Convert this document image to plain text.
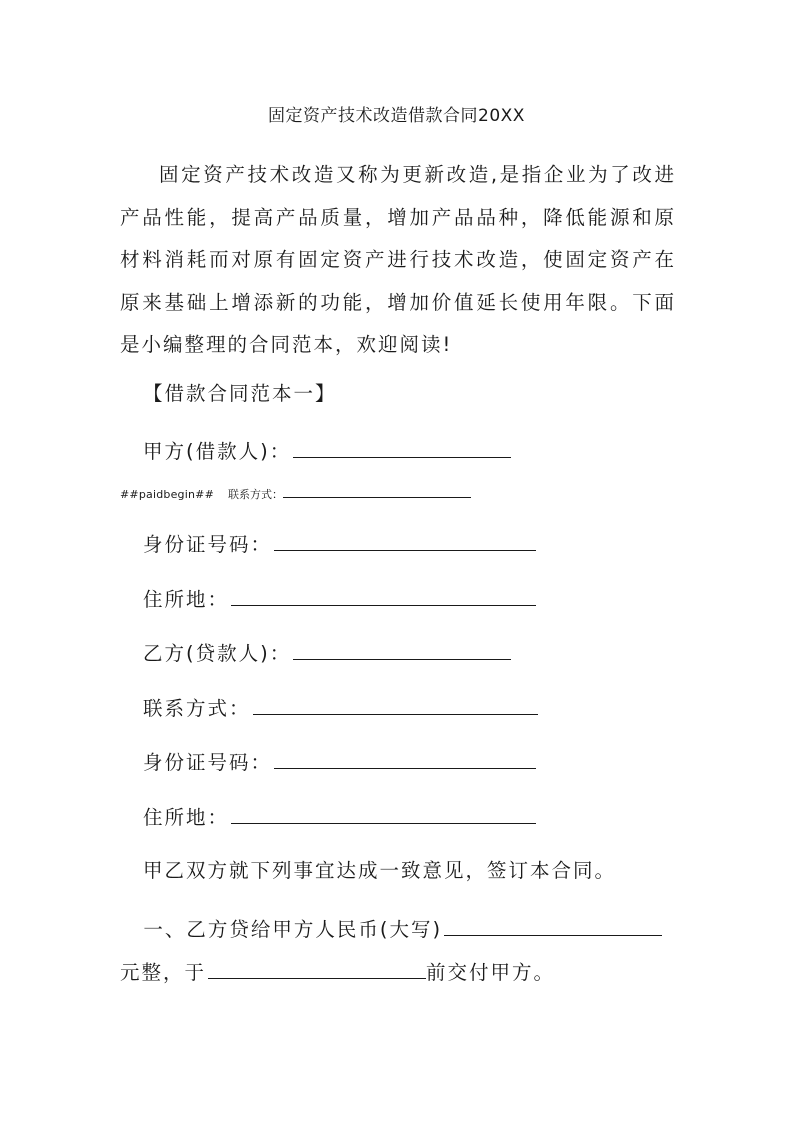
固定资产技术改造借款合同20XX

固定资产技术改造又称为更新改造,是指企业为了改进产品性能，提高产品质量，增加产品品种，降低能源和原材料消耗而对原有固定资产进行技术改造，使固定资产在原来基础上增添新的功能，增加价值延长使用年限。下面是小编整理的合同范本，欢迎阅读!

【借款合同范本一】
甲方(借款人)：
##paidbegin## 联系方式：
身份证号码：
住所地：
乙方(贷款人)：
联系方式：
身份证号码：
住所地：
甲乙双方就下列事宜达成一致意见，签订本合同。

一、乙方贷给甲方人民币(大写)元整，于	前交付甲方。
